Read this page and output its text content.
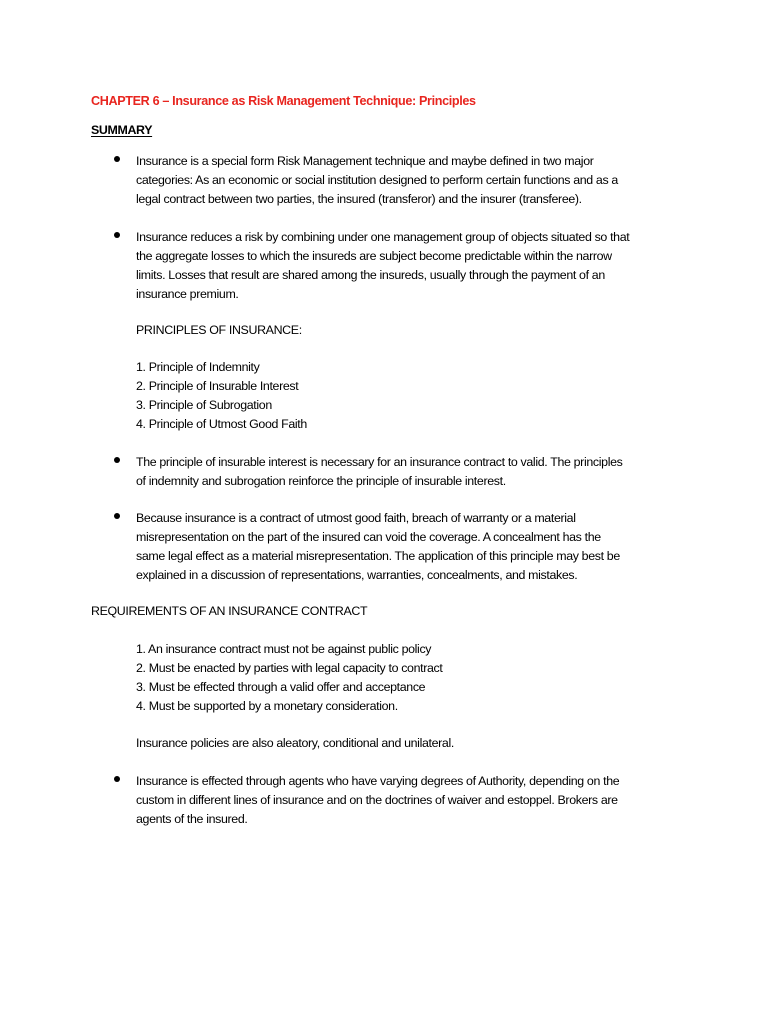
CHAPTER 6 – Insurance as Risk Management Technique: Principles
SUMMARY
Insurance is a special form Risk Management technique and maybe defined in two major
categories: As an economic or social institution designed to perform certain functions and as a
legal contract between two parties, the insured (transferor) and the insurer (transferee).
Insurance reduces a risk by combining under one management group of objects situated so that
the aggregate losses to which the insureds are subject become predictable within the narrow
limits. Losses that result are shared among the insureds, usually through the payment of an
insurance premium.
PRINCIPLES OF INSURANCE:
1. Principle of Indemnity
2. Principle of Insurable Interest
3. Principle of Subrogation
4. Principle of Utmost Good Faith
The principle of insurable interest is necessary for an insurance contract to valid. The principles
of indemnity and subrogation reinforce the principle of insurable interest.
Because insurance is a contract of utmost good faith, breach of warranty or a material
misrepresentation on the part of the insured can void the coverage. A concealment has the
same legal effect as a material misrepresentation. The application of this principle may best be
explained in a discussion of representations, warranties, concealments, and mistakes.
REQUIREMENTS OF AN INSURANCE CONTRACT
1. An insurance contract must not be against public policy
2. Must be enacted by parties with legal capacity to contract
3. Must be effected through a valid offer and acceptance
4. Must be supported by a monetary consideration.
Insurance policies are also aleatory, conditional and unilateral.
Insurance is effected through agents who have varying degrees of Authority, depending on the
custom in different lines of insurance and on the doctrines of waiver and estoppel. Brokers are
agents of the insured.
